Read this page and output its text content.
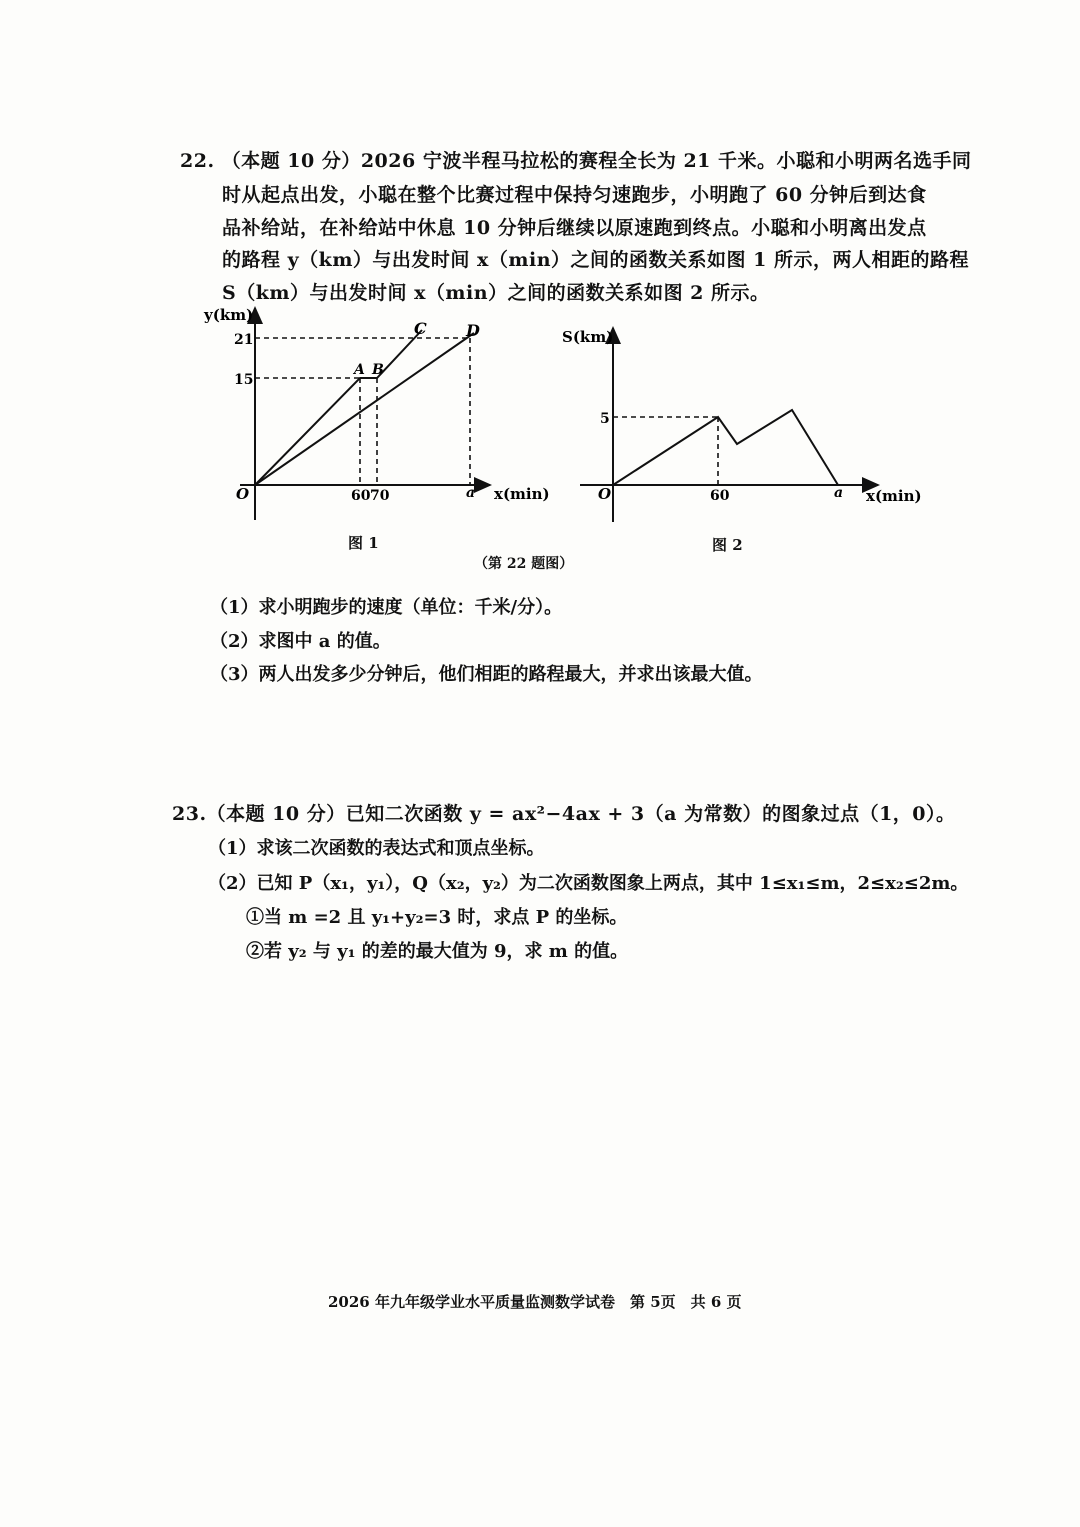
22. （本题 10 分）2026 宁波半程马拉松的赛程全长为 21 千米。小聪和小明两名选手同
时从起点出发，小聪在整个比赛过程中保持匀速跑步，小明跑了 60 分钟后到达食
品补给站，在补给站中休息 10 分钟后继续以原速跑到终点。小聪和小明离出发点
的路程 y（km）与出发时间 x（min）之间的函数关系如图 1 所示，两人相距的路程
S（km）与出发时间 x（min）之间的函数关系如图 2 所示。
y(km)
x(min)
O
21
15
60 70	a
A B
C D	S(km)
x(min)
O
5
60	a
图 1	图 2
（第 22 题图）
（1）求小明跑步的速度（单位：千米/分）。
（2）求图中 a 的值。
（3）两人出发多少分钟后，他们相距的路程最大，并求出该最大值。
23.（本题 10 分）已知二次函数 y = ax²−4ax + 3（a 为常数）的图象过点（1，0）。
（1）求该二次函数的表达式和顶点坐标。
（2）已知 P（x₁，y₁），Q（x₂，y₂）为二次函数图象上两点，其中 1≤x₁≤m，2≤x₂≤2m。
①当 m =2 且 y₁+y₂=3 时，求点 P 的坐标。
②若 y₂ 与 y₁ 的差的最大值为 9，求 m 的值。
2026 年九年级学业水平质量监测数学试卷　第 5页　共 6 页
